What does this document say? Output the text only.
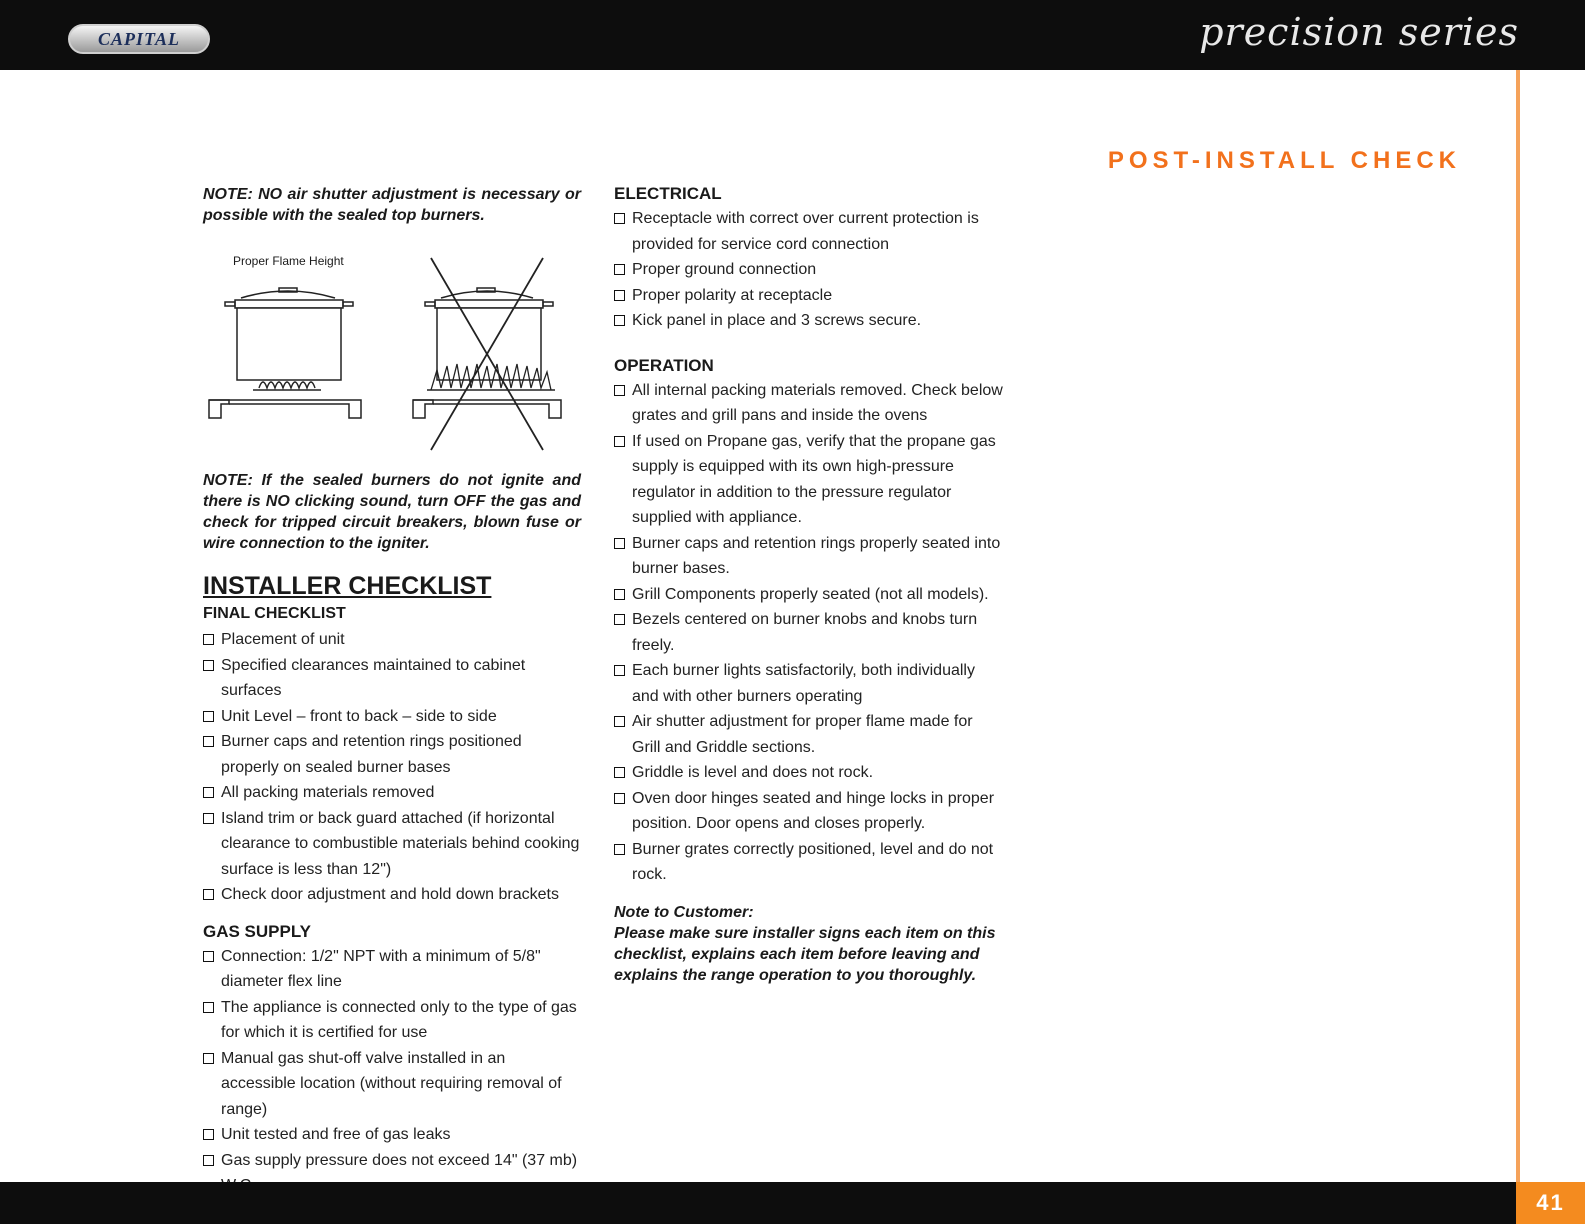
CAPITAL	precision series
POST-INSTALL CHECK

NOTE: NO air shutter adjustment is necessary or possible with the sealed top burners.

Proper Flame Height

NOTE: If the sealed burners do not ignite and there is NO clicking sound, turn OFF the gas and check for tripped circuit breakers, blown fuse or wire connection to the igniter.

INSTALLER CHECKLIST
FINAL CHECKLIST
Placement of unit
Specified clearances maintained to cabinet surfaces
Unit Level – front to back – side to side
Burner caps and retention rings positioned properly on sealed burner bases
All packing materials removed
Island trim or back guard attached (if horizontal clearance to combustible materials behind cooking surface is less than 12")
Check door adjustment and hold down brackets
GAS SUPPLY
Connection: 1/2" NPT with a minimum of 5/8" diameter flex line
The appliance is connected only to the type of gas for which it is certified for use
Manual gas shut-off valve installed in an accessible location (without requiring removal of range)
Unit tested and free of gas leaks
Gas supply pressure does not exceed 14" (37 mb)
ELECTRICAL
Receptacle with correct over current protection is provided for service cord connection
Proper ground connection
Proper polarity at receptacle
Kick panel in place and 3 screws secure.
OPERATION
All internal packing materials removed. Check below grates and grill pans and inside the ovens
If used on Propane gas, verify that the propane gas supply is equipped with its own high-pressure regulator in addition to the pressure regulator supplied with appliance.
Burner caps and retention rings properly seated into burner bases.
Grill Components properly seated (not all models).
Bezels centered on burner knobs and knobs turn freely.
Each burner lights satisfactorily, both individually and with other burners operating
Air shutter adjustment for proper flame made for Grill and Griddle sections.
Griddle is level and does not rock.
Oven door hinges seated and hinge locks in proper position. Door opens and closes properly.
Burner grates correctly positioned, level and do not rock.
Note to Customer:
Please make sure installer signs each item on this checklist, explains each item before leaving and explains the range operation to you thoroughly.
41
